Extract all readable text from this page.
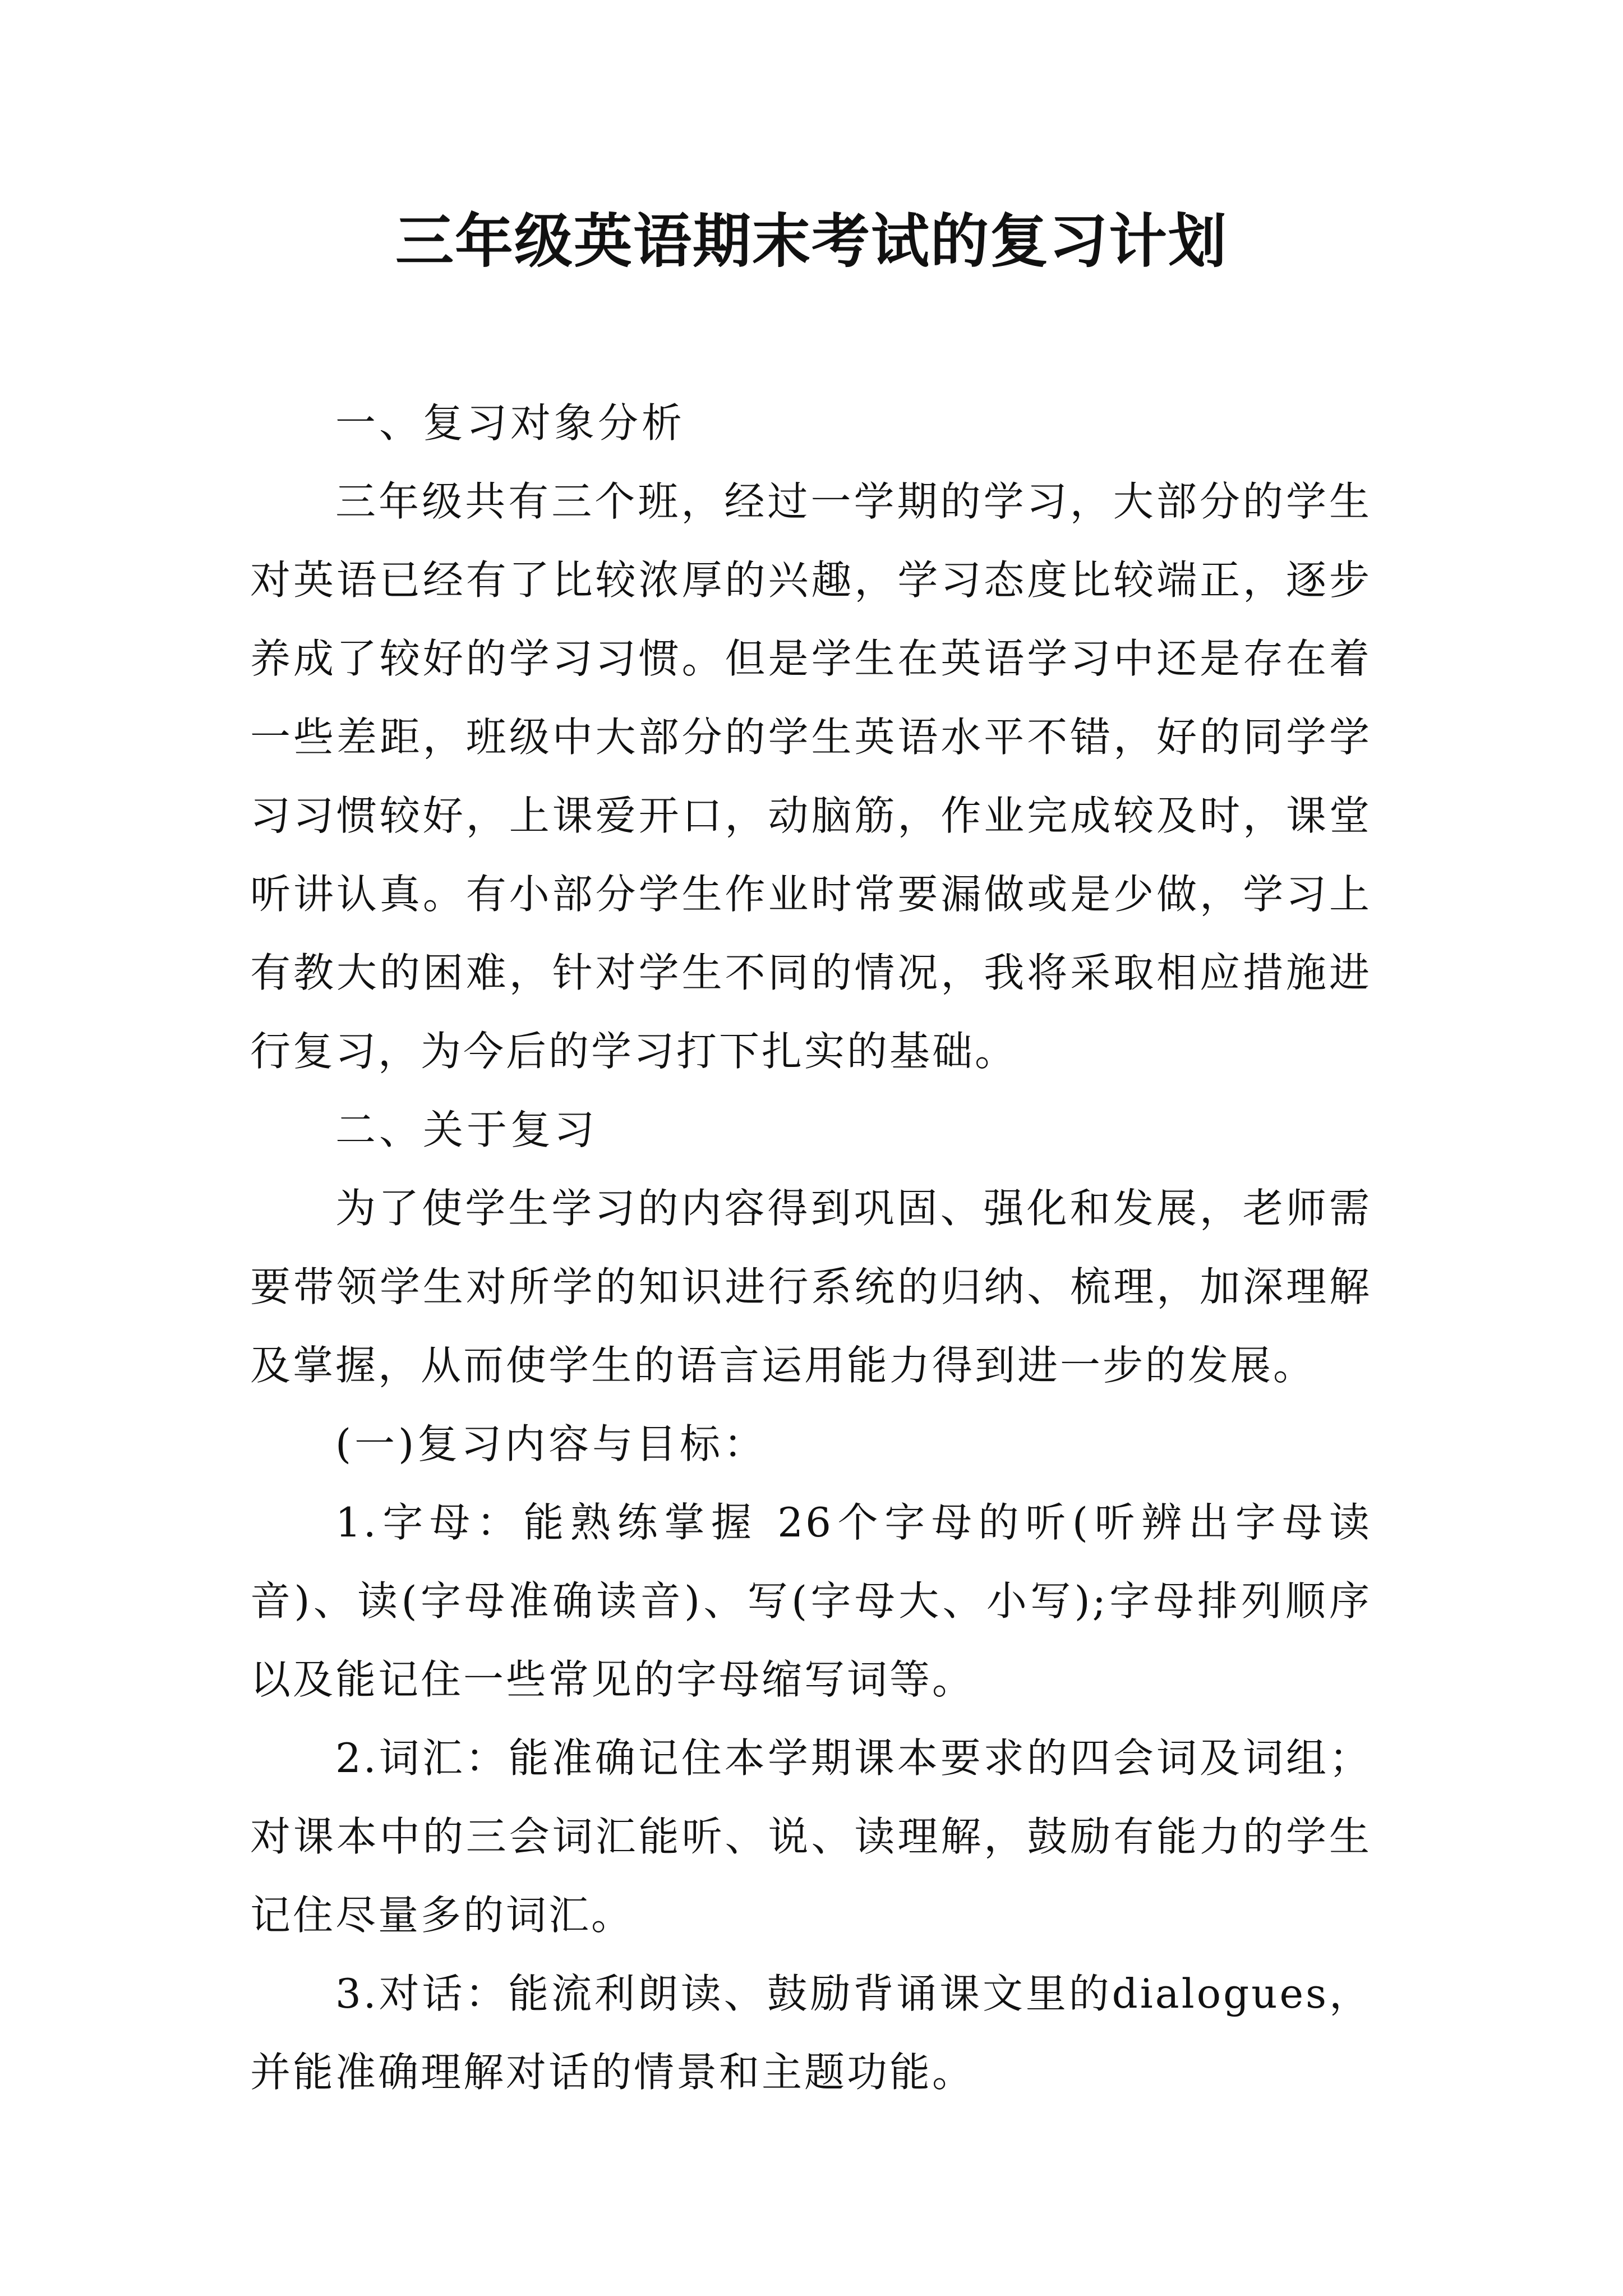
三年级英语期末考试的复习计划

一、复习对象分析

三年级共有三个班，经过一学期的学习，大部分的学生对英语已经有了比较浓厚的兴趣，学习态度比较端正，逐步养成了较好的学习习惯。但是学生在英语学习中还是存在着一些差距，班级中大部分的学生英语水平不错，好的同学学习习惯较好，上课爱开口，动脑筋，作业完成较及时，课堂听讲认真。有小部分学生作业时常要漏做或是少做，学习上有教大的困难，针对学生不同的情况，我将采取相应措施进行复习，为今后的学习打下扎实的基础。

二、关于复习

为了使学生学习的内容得到巩固、强化和发展，老师需要带领学生对所学的知识进行系统的归纳、梳理，加深理解及掌握，从而使学生的语言运用能力得到进一步的发展。

(一)复习内容与目标：

1.字母：能熟练掌握 26个字母的听(听辨出字母读音)、读(字母准确读音)、写(字母大、小写);字母排列顺序以及能记住一些常见的字母缩写词等。

2.词汇：能准确记住本学期课本要求的四会词及词组；对课本中的三会词汇能听、说、读理解，鼓励有能力的学生记住尽量多的词汇。

3.对话：能流利朗读、鼓励背诵课文里的dialogues，并能准确理解对话的情景和主题功能。
